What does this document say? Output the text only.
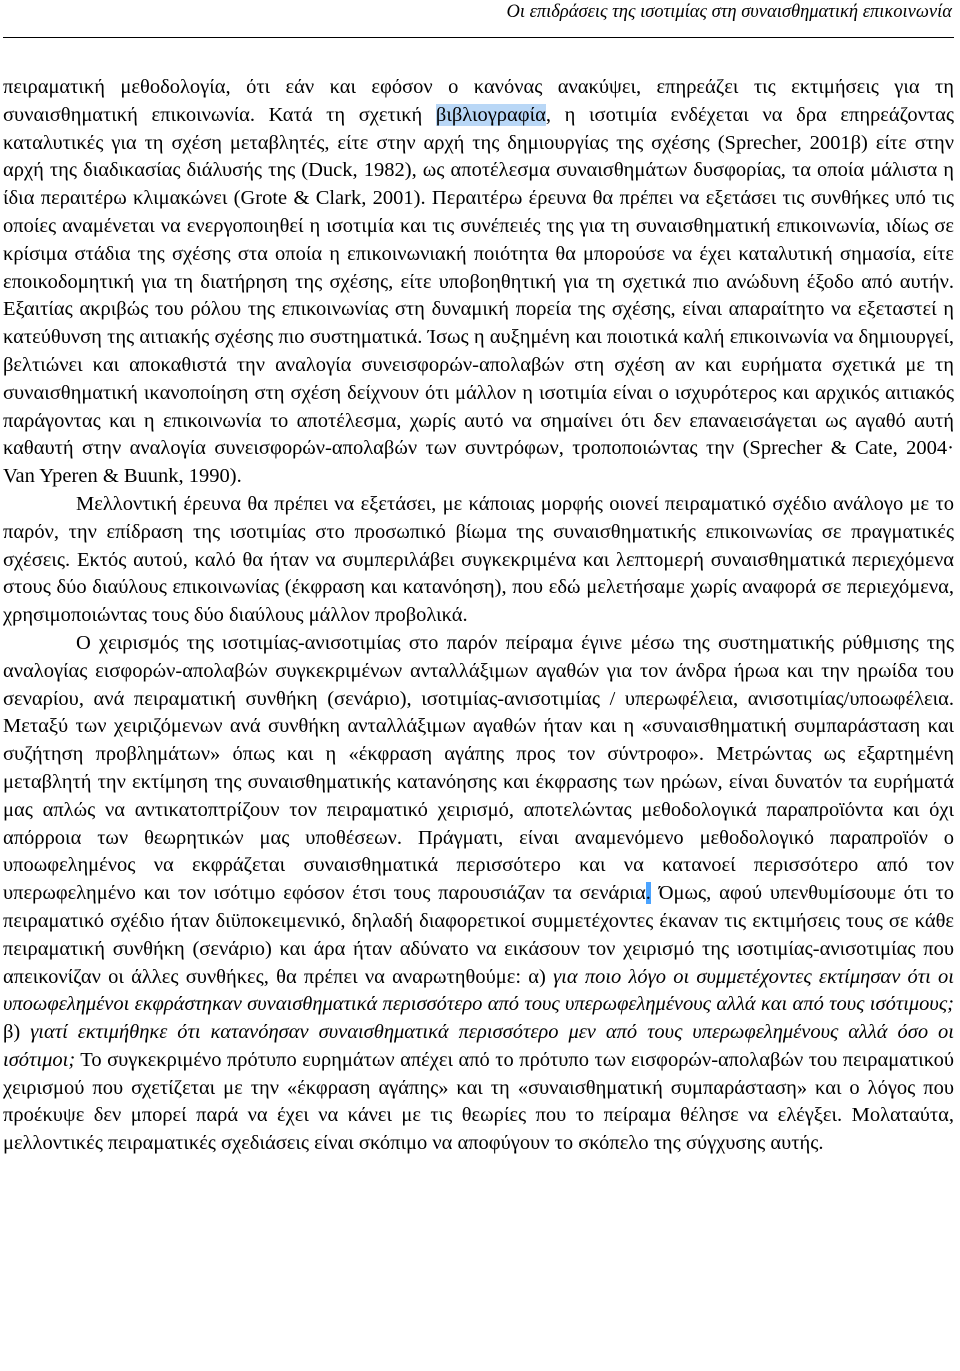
Οι επιδράσεις της ισοτιμίας στη συναισθηματική επικοινωνία

πειραματική μεθοδολογία, ότι εάν και εφόσον ο κανόνας ανακύψει, επηρεάζει τις εκτιμήσεις για τη συναισθηματική επικοινωνία. Κατά τη σχετική βιβλιογραφία, η ισοτιμία ενδέχεται να δρα επηρεάζοντας καταλυτικές για τη σχέση μεταβλητές, είτε στην αρχή της δημιουργίας της σχέσης (Sprecher, 2001β) είτε στην αρχή της διαδικασίας διάλυσής της (Duck, 1982), ως αποτέλεσμα συναισθημάτων δυσφορίας, τα οποία μάλιστα η ίδια περαιτέρω κλιμακώνει (Grote & Clark, 2001). Περαιτέρω έρευνα θα πρέπει να εξετάσει τις συνθήκες υπό τις οποίες αναμένεται να ενεργοποιηθεί η ισοτιμία και τις συνέπειές της για τη συναισθηματική επικοινωνία, ιδίως σε κρίσιμα στάδια της σχέσης στα οποία η επικοινωνιακή ποιότητα θα μπορούσε να έχει καταλυτική σημασία, είτε εποικοδομητική για τη διατήρηση της σχέσης, είτε υποβοηθητική για τη σχετικά πιο ανώδυνη έξοδο από αυτήν. Εξαιτίας ακριβώς του ρόλου της επικοινωνίας στη δυναμική πορεία της σχέσης, είναι απαραίτητο να εξεταστεί η κατεύθυνση της αιτιακής σχέσης πιο συστηματικά. Ίσως η αυξημένη και ποιοτικά καλή επικοινωνία να δημιουργεί, βελτιώνει και αποκαθιστά την αναλογία συνεισφορών-απολαβών στη σχέση αν και ευρήματα σχετικά με τη συναισθηματική ικανοποίηση στη σχέση δείχνουν ότι μάλλον η ισοτιμία είναι ο ισχυρότερος και αρχικός αιτιακός παράγοντας και η επικοινωνία το αποτέλεσμα, χωρίς αυτό να σημαίνει ότι δεν επαναεισάγεται ως αγαθό αυτή καθαυτή στην αναλογία συνεισφορών-απολαβών των συντρόφων, τροποποιώντας την (Sprecher & Cate, 2004· Van Yperen & Buunk, 1990).

Μελλοντική έρευνα θα πρέπει να εξετάσει, με κάποιας μορφής οιονεί πειραματικό σχέδιο ανάλογο με το παρόν, την επίδραση της ισοτιμίας στο προσωπικό βίωμα της συναισθηματικής επικοινωνίας σε πραγματικές σχέσεις. Εκτός αυτού, καλό θα ήταν να συμπεριλάβει συγκεκριμένα και λεπτομερή συναισθηματικά περιεχόμενα στους δύο διαύλους επικοινωνίας (έκφραση και κατανόηση), που εδώ μελετήσαμε χωρίς αναφορά σε περιεχόμενα, χρησιμοποιώντας τους δύο διαύλους μάλλον προβολικά.

Ο χειρισμός της ισοτιμίας-ανισοτιμίας στο παρόν πείραμα έγινε μέσω της συστηματικής ρύθμισης της αναλογίας εισφορών-απολαβών συγκεκριμένων ανταλλάξιμων αγαθών για τον άνδρα ήρωα και την ηρωίδα του σεναρίου, ανά πειραματική συνθήκη (σενάριο), ισοτιμίας-ανισοτιμίας / υπερωφέλεια, ανισοτιμίας/υποωφέλεια. Μεταξύ των χειριζόμενων ανά συνθήκη ανταλλάξιμων αγαθών ήταν και η «συναισθηματική συμπαράσταση και συζήτηση προβλημάτων» όπως και η «έκφραση αγάπης προς τον σύντροφο». Μετρώντας ως εξαρτημένη μεταβλητή την εκτίμηση της συναισθηματικής κατανόησης και έκφρασης των ηρώων, είναι δυνατόν τα ευρήματά μας απλώς να αντικατοπτρίζουν τον πειραματικό χειρισμό, αποτελώντας μεθοδολογικά παραπροϊόντα και όχι απόρροια των θεωρητικών μας υποθέσεων. Πράγματι, είναι αναμενόμενο μεθοδολογικό παραπροϊόν ο υποωφελημένος να εκφράζεται συναισθηματικά περισσότερο και να κατανοεί περισσότερο από τον υπερωφελημένο και τον ισότιμο εφόσον έτσι τους παρουσιάζαν τα σενάρια. Όμως, αφού υπενθυμίσουμε ότι το πειραματικό σχέδιο ήταν διϋποκειμενικό, δηλαδή διαφορετικοί συμμετέχοντες έκαναν τις εκτιμήσεις τους σε κάθε πειραματική συνθήκη (σενάριο) και άρα ήταν αδύνατο να εικάσουν τον χειρισμό της ισοτιμίας-ανισοτιμίας που απεικονίζαν οι άλλες συνθήκες, θα πρέπει να αναρωτηθούμε: α) για ποιο λόγο οι συμμετέχοντες εκτίμησαν ότι οι υποωφελημένοι εκφράστηκαν συναισθηματικά περισσότερο από τους υπερωφελημένους αλλά και από τους ισότιμους; β) γιατί εκτιμήθηκε ότι κατανόησαν συναισθηματικά περισσότερο μεν από τους υπερωφελημένους αλλά όσο οι ισότιμοι; Το συγκεκριμένο πρότυπο ευρημάτων απέχει από το πρότυπο των εισφορών-απολαβών του πειραματικού χειρισμού που σχετίζεται με την «έκφραση αγάπης» και τη «συναισθηματική συμπαράσταση» και ο λόγος που προέκυψε δεν μπορεί παρά να έχει να κάνει με τις θεωρίες που το πείραμα θέλησε να ελέγξει. Μολαταύτα, μελλοντικές πειραματικές σχεδιάσεις είναι σκόπιμο να αποφύγουν το σκόπελο της σύγχυσης αυτής.
